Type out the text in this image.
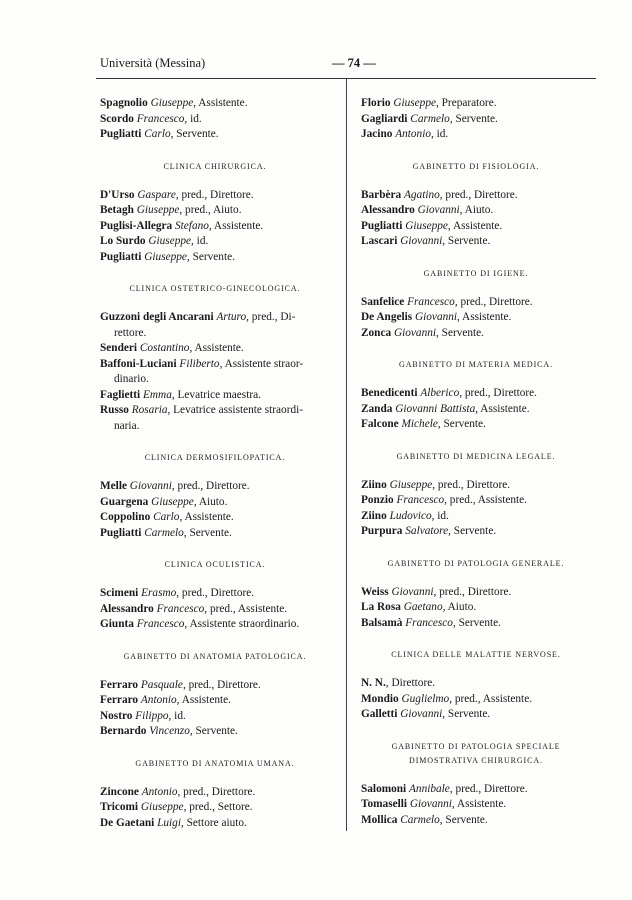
Università (Messina)	— 74 —
Spagnolio Giuseppe, Assistente.
Scordo Francesco, id.
Pugliatti Carlo, Servente.
CLINICA CHIRURGICA.
D'Urso Gaspare, pred., Direttore.
Betagh Giuseppe, pred., Aiuto.
Puglisi-Allegra Stefano, Assistente.
Lo Surdo Giuseppe, id.
Pugliatti Giuseppe, Servente.
CLINICA OSTETRICO-GINECOLOGICA.
Guzzoni degli Ancarani Arturo, pred., Di-
rettore.
Senderi Costantino, Assistente.
Baffoni-Luciani Filiberto, Assistente straor-
dinario.
Faglietti Emma, Levatrice maestra.
Russo Rosaria, Levatrice assistente straordi-
naria.
CLINICA DERMOSIFILOPATICA.
Melle Giovanni, pred., Direttore.
Guargena Giuseppe, Aiuto.
Coppolino Carlo, Assistente.
Pugliatti Carmelo, Servente.
CLINICA OCULISTICA.
Scimeni Erasmo, pred., Direttore.
Alessandro Francesco, pred., Assistente.
Giunta Francesco, Assistente straordinario.
GABINETTO DI ANATOMIA PATOLOGICA.
Ferraro Pasquale, pred., Direttore.
Ferraro Antonio, Assistente.
Nostro Filippo, id.
Bernardo Vincenzo, Servente.
GABINETTO DI ANATOMIA UMANA.
Zincone Antonio, pred., Direttore.
Tricomi Giuseppe, pred., Settore.
De Gaetani Luigi, Settore aiuto.
Florio Giuseppe, Preparatore.
Gagliardi Carmelo, Servente.
Jacino Antonio, id.
GABINETTO DI FISIOLOGIA.
Barbèra Agatino, pred., Direttore.
Alessandro Giovanni, Aiuto.
Pugliatti Giuseppe, Assistente.
Lascari Giovanni, Servente.
GABINETTO DI IGIENE.
Sanfelice Francesco, pred., Direttore.
De Angelis Giovanni, Assistente.
Zonca Giovanni, Servente.
GABINETTO DI MATERIA MEDICA.
Benedicenti Alberico, pred., Direttore.
Zanda Giovanni Battista, Assistente.
Falcone Michele, Servente.
GABINETTO DI MEDICINA LEGALE.
Ziino Giuseppe, pred., Direttore.
Ponzio Francesco, pred., Assistente.
Ziino Ludovico, id.
Purpura Salvatore, Servente.
GABINETTO DI PATOLOGIA GENERALE.
Weiss Giovanni, pred., Direttore.
La Rosa Gaetano, Aiuto.
Balsamà Francesco, Servente.
CLINICA DELLE MALATTIE NERVOSE.
N. N., Direttore.
Mondio Guglielmo, pred., Assistente.
Galletti Giovanni, Servente.
GABINETTO DI PATOLOGIA SPECIALE
DIMOSTRATIVA CHIRURGICA.
Salomoni Annibale, pred., Direttore.
Tomaselli Giovanni, Assistente.
Mollica Carmelo, Servente.
